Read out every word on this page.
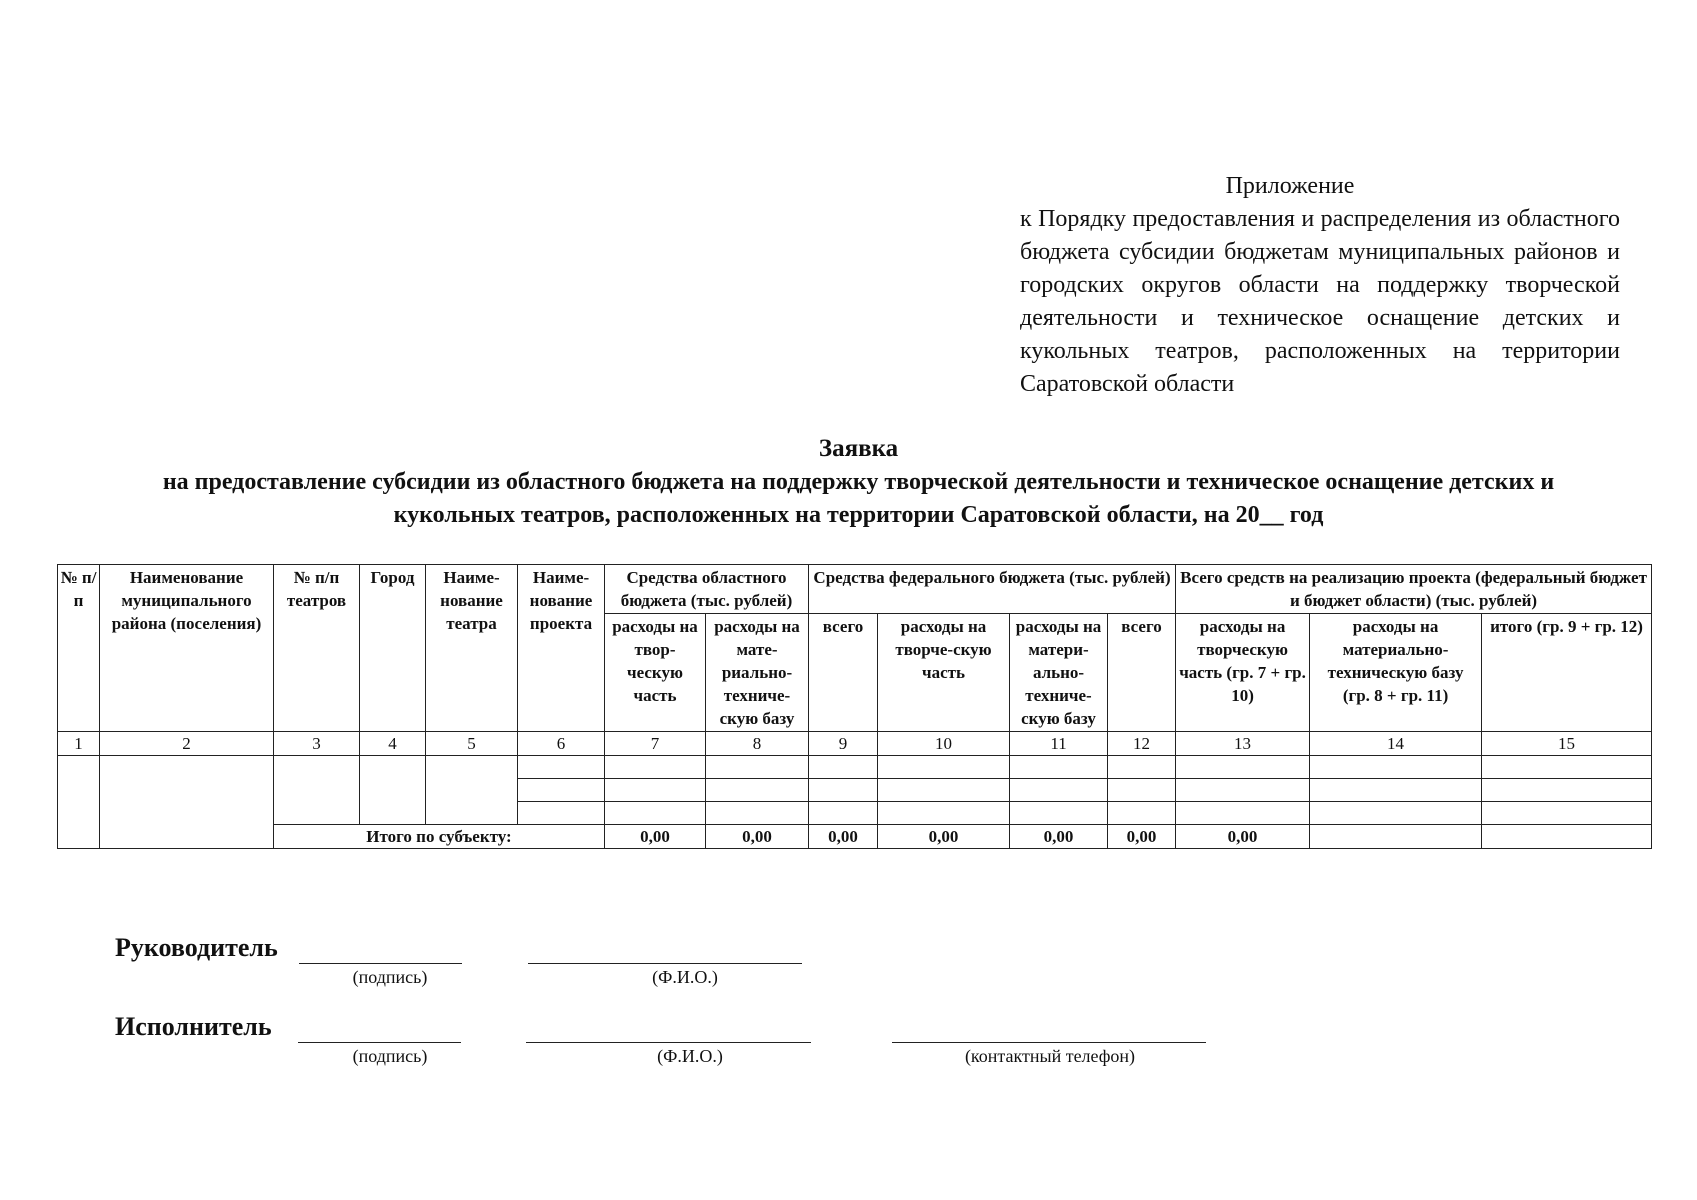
Приложение
к Порядку предоставления и распределения из областного бюджета субсидии бюджетам муниципальных районов и городских округов области на поддержку творческой деятельности и техническое оснащение детских и кукольных театров, расположенных на территории Саратовской области
Заявка
на предоставление субсидии из областного бюджета на поддержку творческой деятельности и техническое оснащение детских и кукольных театров, расположенных на территории Саратовской области, на 20__ год
№ п/п	Наименование муниципального района (поселения)	№ п/п театров	Город	Наиме-нование театра	Наиме-нование проекта	Средства областного бюджета (тыс. рублей)		Средства федерального бюджета (тыс. рублей)				Всего средств на реализацию проекта (федеральный бюджет и бюджет области) (тыс. рублей)		
						расходы на твор-ческую часть	расходы на мате-риально-техниче-скую базу	всего	расходы на творче-скую часть	расходы на матери-ально-техниче-скую базу	всего	расходы на творческую часть (гр. 7 + гр. 10)	расходы на материально-техническую базу (гр. 8 + гр. 11)	итого (гр. 9 + гр. 12)
1	2	3	4	5	6	7	8	9	10	11	12	13	14	15

		Итого по субъекту:				0,00	0,00	0,00	0,00	0,00	0,00	0,00		
Руководитель
(подпись)	(Ф.И.О.)
Исполнитель
(подпись)	(Ф.И.О.)	(контактный телефон)
